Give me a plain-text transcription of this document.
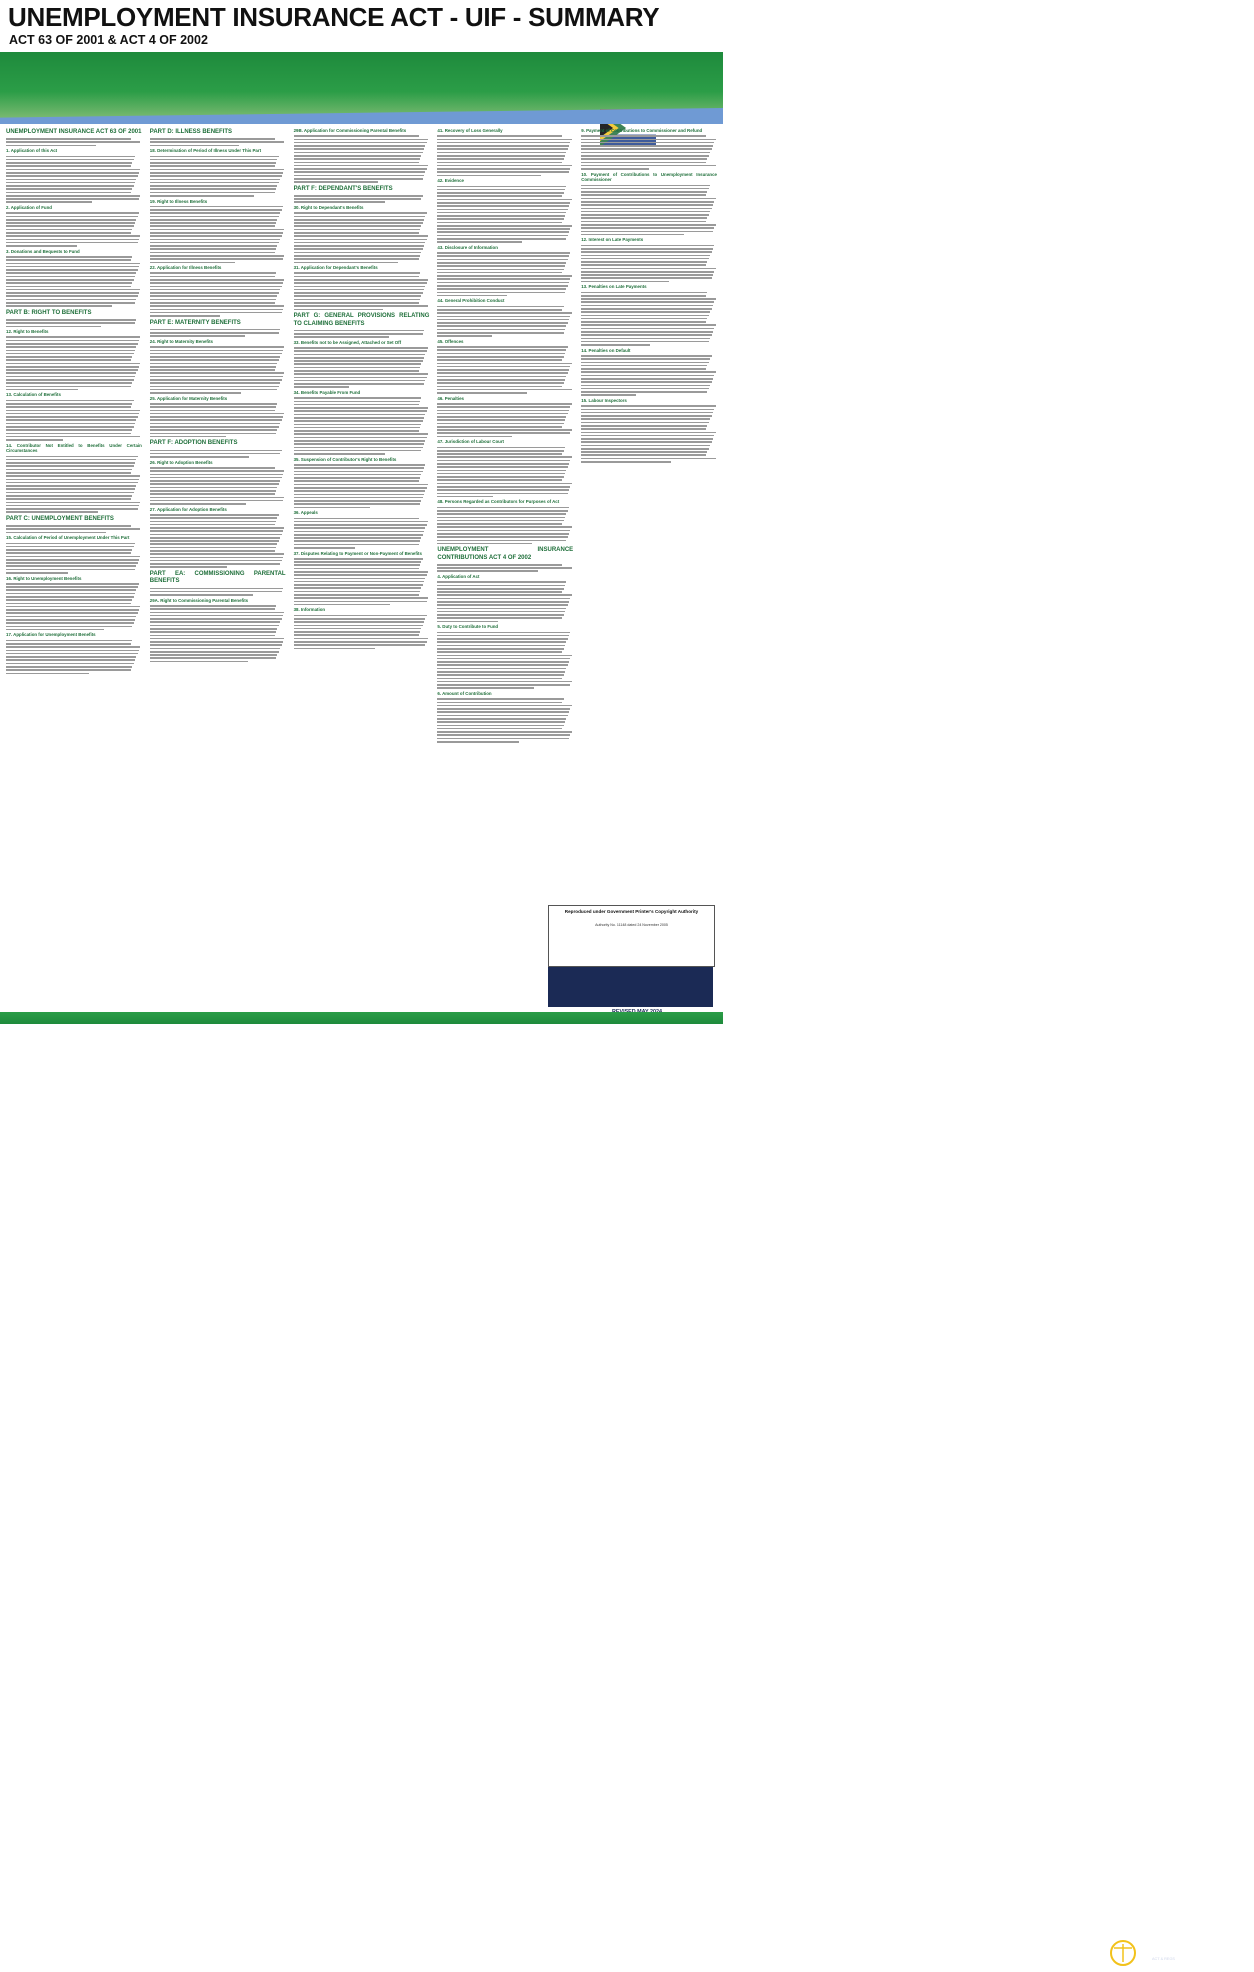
UNEMPLOYMENT INSURANCE ACT - UIF - SUMMARY
ACT 63 OF 2001 & ACT 4 OF 2002
UNEMPLOYMENT INSURANCE ACT 63 OF 2001
1. Application of this Act
2. Application of Fund
3. Donations and Bequests to Fund
PART B: RIGHT TO BENEFITS
12. Right to Benefits
13. Calculation of Benefits
14. Contributor Not Entitled to Benefits Under Certain Circumstances
PART C: UNEMPLOYMENT BENEFITS
15. Calculation of Period of Unemployment Under This Part
16. Right to Unemployment Benefits
17. Application for Unemployment Benefits
PART D: ILLNESS BENEFITS
18. Determination of Period of Illness Under This Part
19. Right to Illness Benefits
22. Application for Illness Benefits
PART E: MATERNITY BENEFITS
24. Right to Maternity Benefits
25. Application for Maternity Benefits
PART F: ADOPTION BENEFITS
26. Right to Adoption Benefits
27. Application for Adoption Benefits
PART EA: COMMISSIONING PARENTAL BENEFITS
29A. Right to Commissioning Parental Benefits
29B. Application for Commissioning Parental Benefits
PART F: DEPENDANT'S BENEFITS
30. Right to Dependant's Benefits
31. Application for Dependant's Benefits
PART G: GENERAL PROVISIONS RELATING TO CLAIMING BENEFITS
33. Benefits not to be Assigned, Attached or Set Off
34. Benefits Payable From Fund
35. Suspension of Contributor's Right to Benefits
36. Appeals
37. Disputes Relating to Payment or Non-Payment of Benefits
38. Information
41. Recovery of Loss Generally
42. Evidence
43. Disclosure of Information
44. General Prohibition Conduct
45. Offences
46. Penalties
47. Jurisdiction of Labour Court
48. Persons Regarded as Contributors for Purposes of Act
UNEMPLOYMENT INSURANCE CONTRIBUTIONS ACT 4 OF 2002
4. Application of Act
5. Duty to Contribute to Fund
6. Amount of Contribution
9. Payment of Contributions to Commissioner and Refund
10. Payment of Contributions to Unemployment Insurance Commissioner
12. Interest on Late Payments
13. Penalties on Late Payments
14. Penalties on Default
15. Labour Inspectors
Reproduced under Government Printer's Copyright Authority
Authority No. 11148 dated 24 November 2005
LAWAMB
ACT & REGS
